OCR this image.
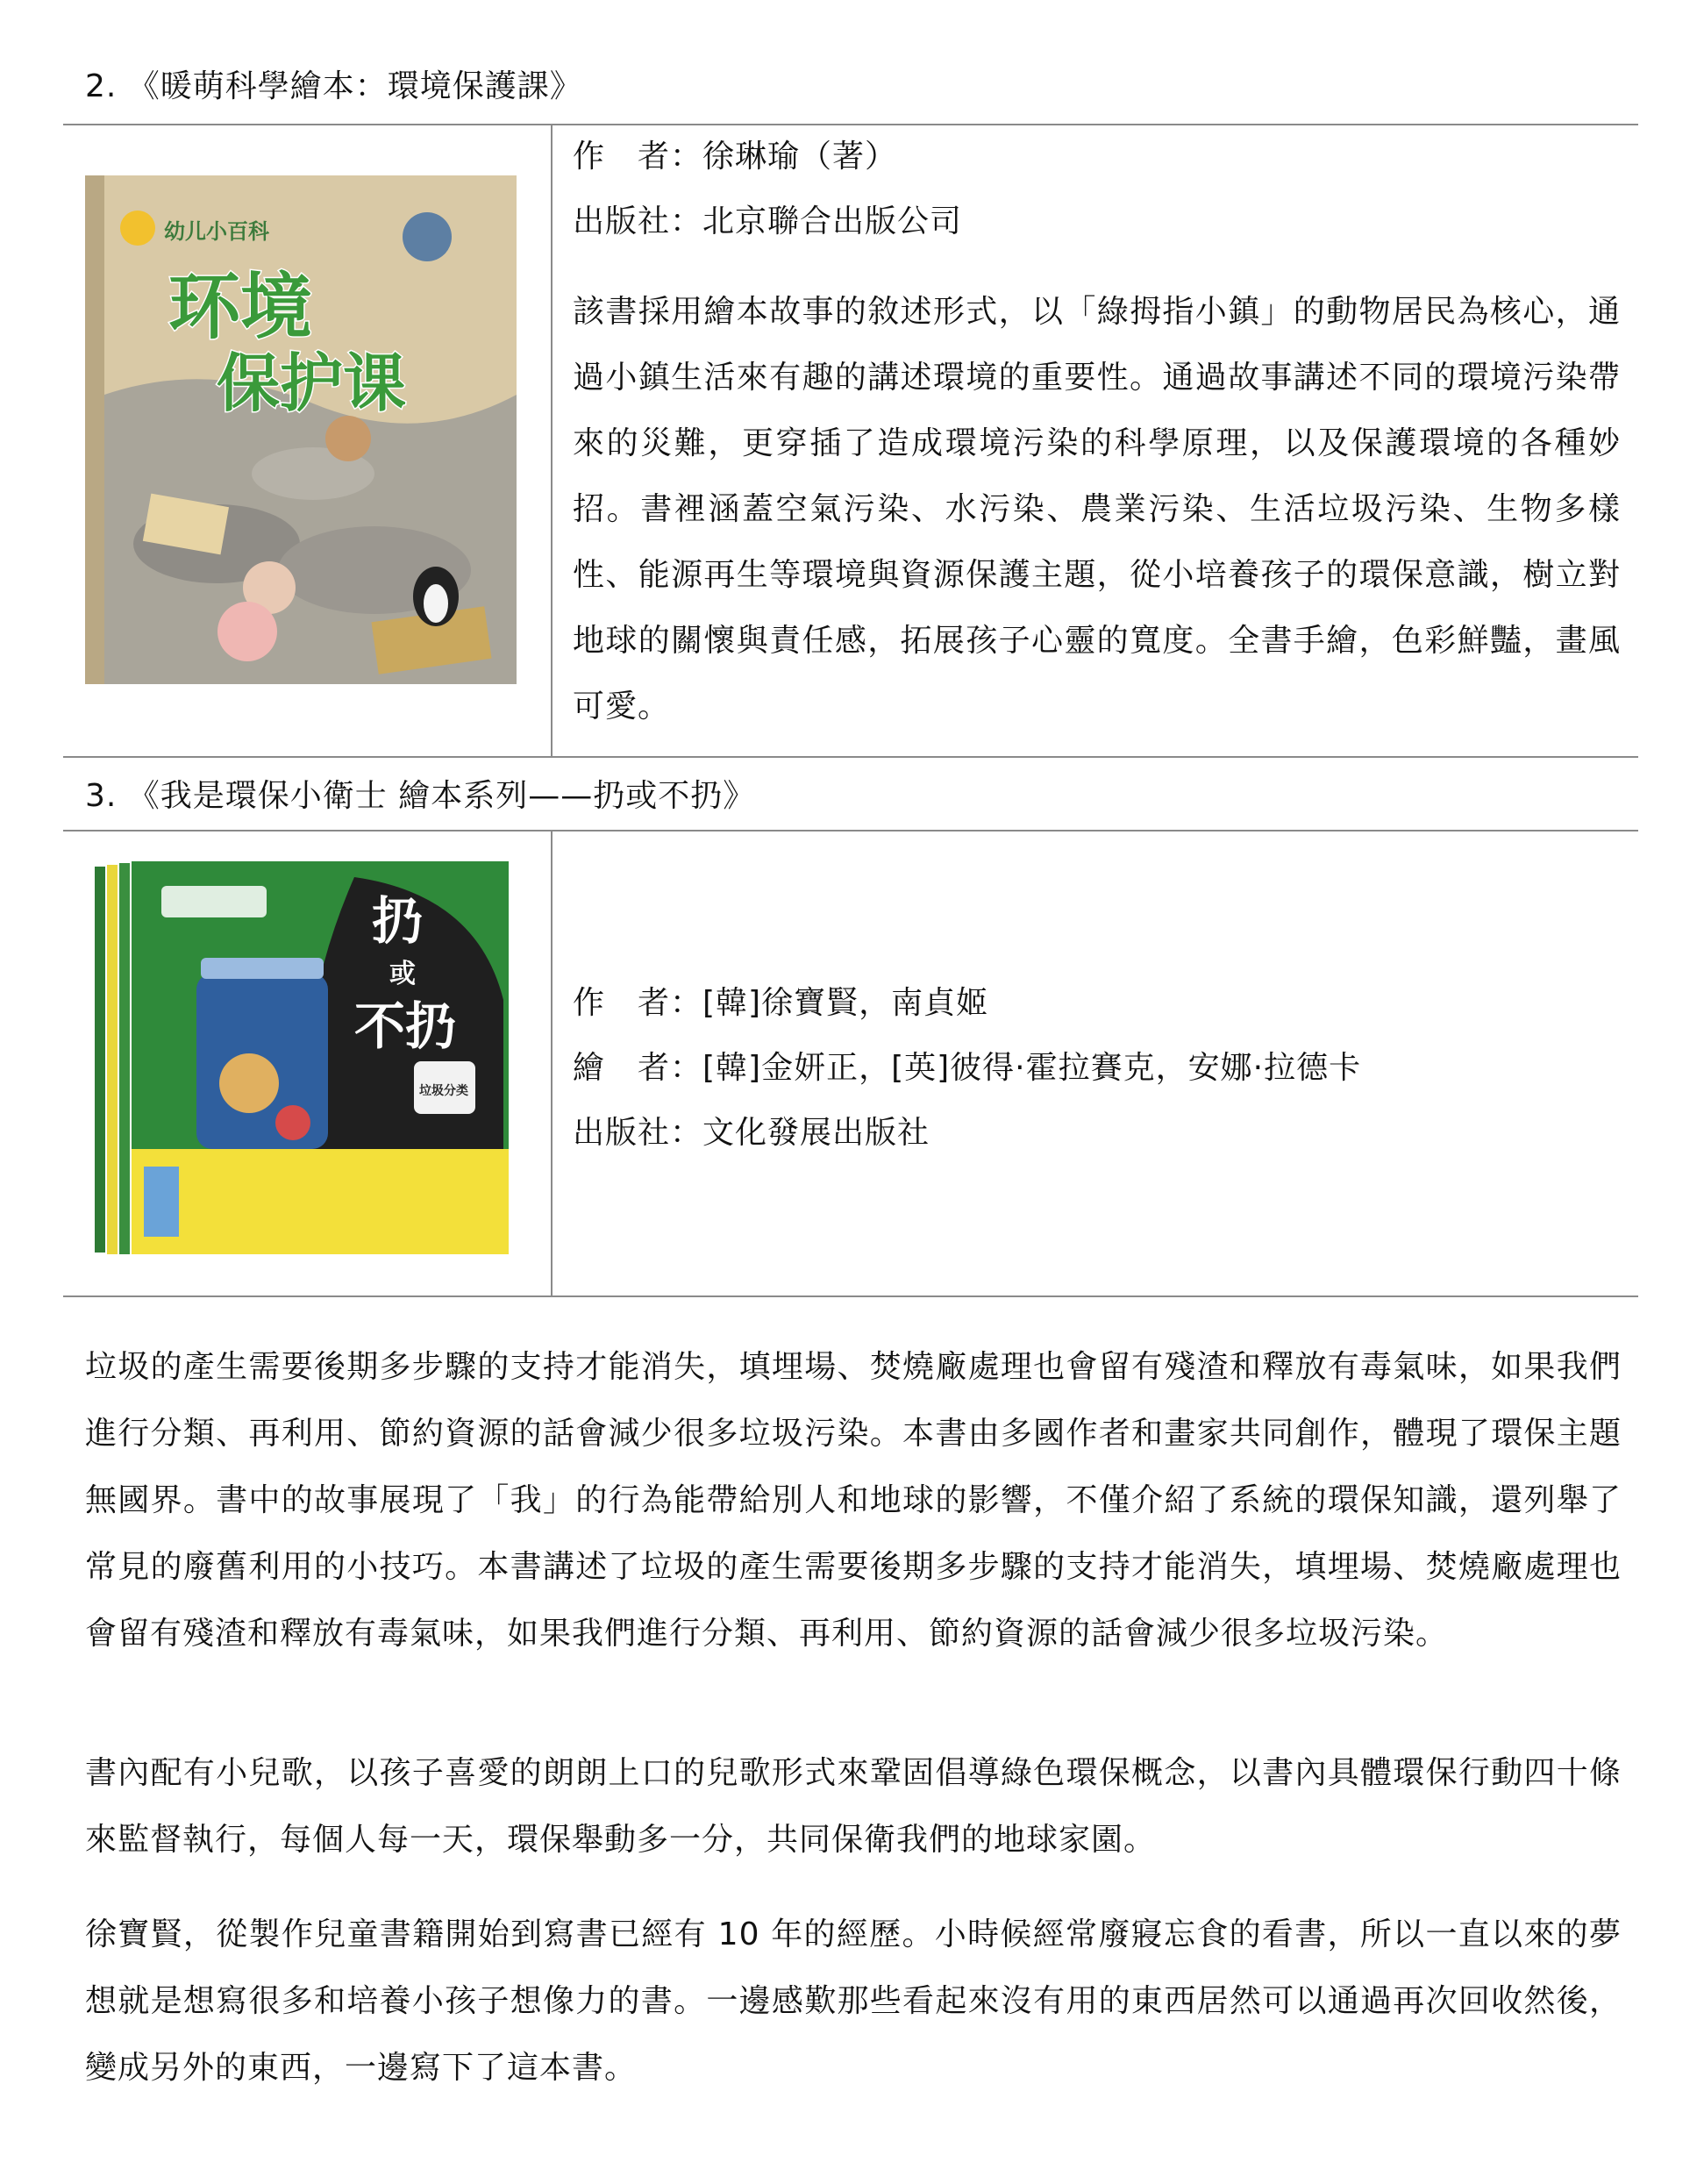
2. 《暖萌科學繪本：環境保護課》
幼儿小百科
环境
保护课
作　者：徐琳瑜（著）
出版社：北京聯合出版公司
該書採用繪本故事的敘述形式，以「綠拇指小鎮」的動物居民為核心，通過小鎮生活來有趣的講述環境的重要性。通過故事講述不同的環境污染帶來的災難，更穿插了造成環境污染的科學原理，以及保護環境的各種妙招。書裡涵蓋空氣污染、水污染、農業污染、生活垃圾污染、生物多樣性、能源再生等環境與資源保護主題，從小培養孩子的環保意識，樹立對地球的關懷與責任感，拓展孩子心靈的寬度。全書手繪，色彩鮮豔，畫風可愛。
3. 《我是環保小衛士 繪本系列——扔或不扔》
扔
或
不扔
垃圾分类
作　者：[韓]徐寶賢，南貞姬
繪　者：[韓]金妍正，[英]彼得·霍拉賽克，安娜·拉德卡
出版社：文化發展出版社
垃圾的產生需要後期多步驟的支持才能消失，填埋場、焚燒廠處理也會留有殘渣和釋放有毒氣味，如果我們進行分類、再利用、節約資源的話會減少很多垃圾污染。本書由多國作者和畫家共同創作，體現了環保主題無國界。書中的故事展現了「我」的行為能帶給別人和地球的影響，不僅介紹了系統的環保知識，還列舉了常見的廢舊利用的小技巧。本書講述了垃圾的產生需要後期多步驟的支持才能消失，填埋場、焚燒廠處理也會留有殘渣和釋放有毒氣味，如果我們進行分類、再利用、節約資源的話會減少很多垃圾污染。
書內配有小兒歌，以孩子喜愛的朗朗上口的兒歌形式來鞏固倡導綠色環保概念，以書內具體環保行動四十條來監督執行，每個人每一天，環保舉動多一分，共同保衛我們的地球家園。
徐寶賢，從製作兒童書籍開始到寫書已經有 10 年的經歷。小時候經常廢寢忘食的看書，所以一直以來的夢想就是想寫很多和培養小孩子想像力的書。一邊感歎那些看起來沒有用的東西居然可以通過再次回收然後，變成另外的東西，一邊寫下了這本書。
